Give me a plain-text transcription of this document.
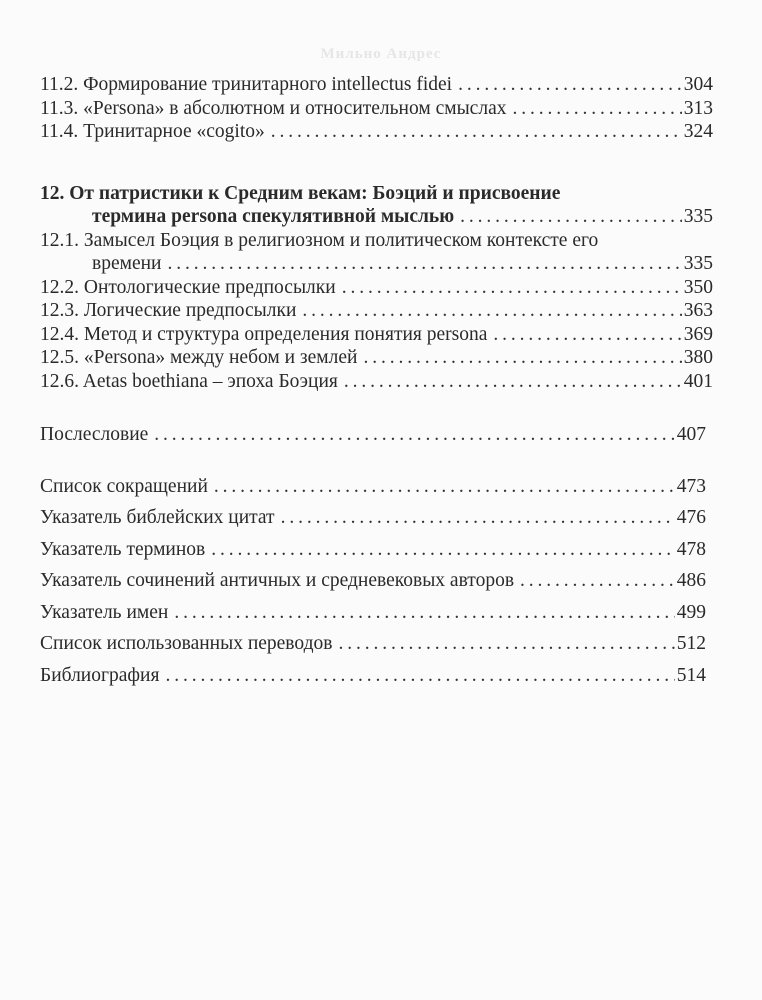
Мильно Андрес
11.2. Формирование тринитарного intellectus fidei . . .	304
11.3. «Persona» в абсолютном и относительном смыслах . . .	313
11.4. Тринитарное «cogito» . . .	324
12. От патристики к Средним векам: Боэций и присвоение
термина persona спекулятивной мыслью . . .	335
12.1. Замысел Боэция в религиозном и политическом контексте его
времени . . .	335
12.2. Онтологические предпосылки . . .	350
12.3. Логические предпосылки . . .	363
12.4. Метод и структура определения понятия persona . . .	369
12.5. «Persona» между небом и землей . . .	380
12.6. Aetas boethiana – эпоха Боэция . . .	401
Послесловие . . .	407
Список сокращений . . .	473
Указатель библейских цитат . . .	476
Указатель терминов . . .	478
Указатель сочинений античных и средневековых авторов . . .	486
Указатель имен . . .	499
Список использованных переводов . . .	512
Библиография . . .	514
